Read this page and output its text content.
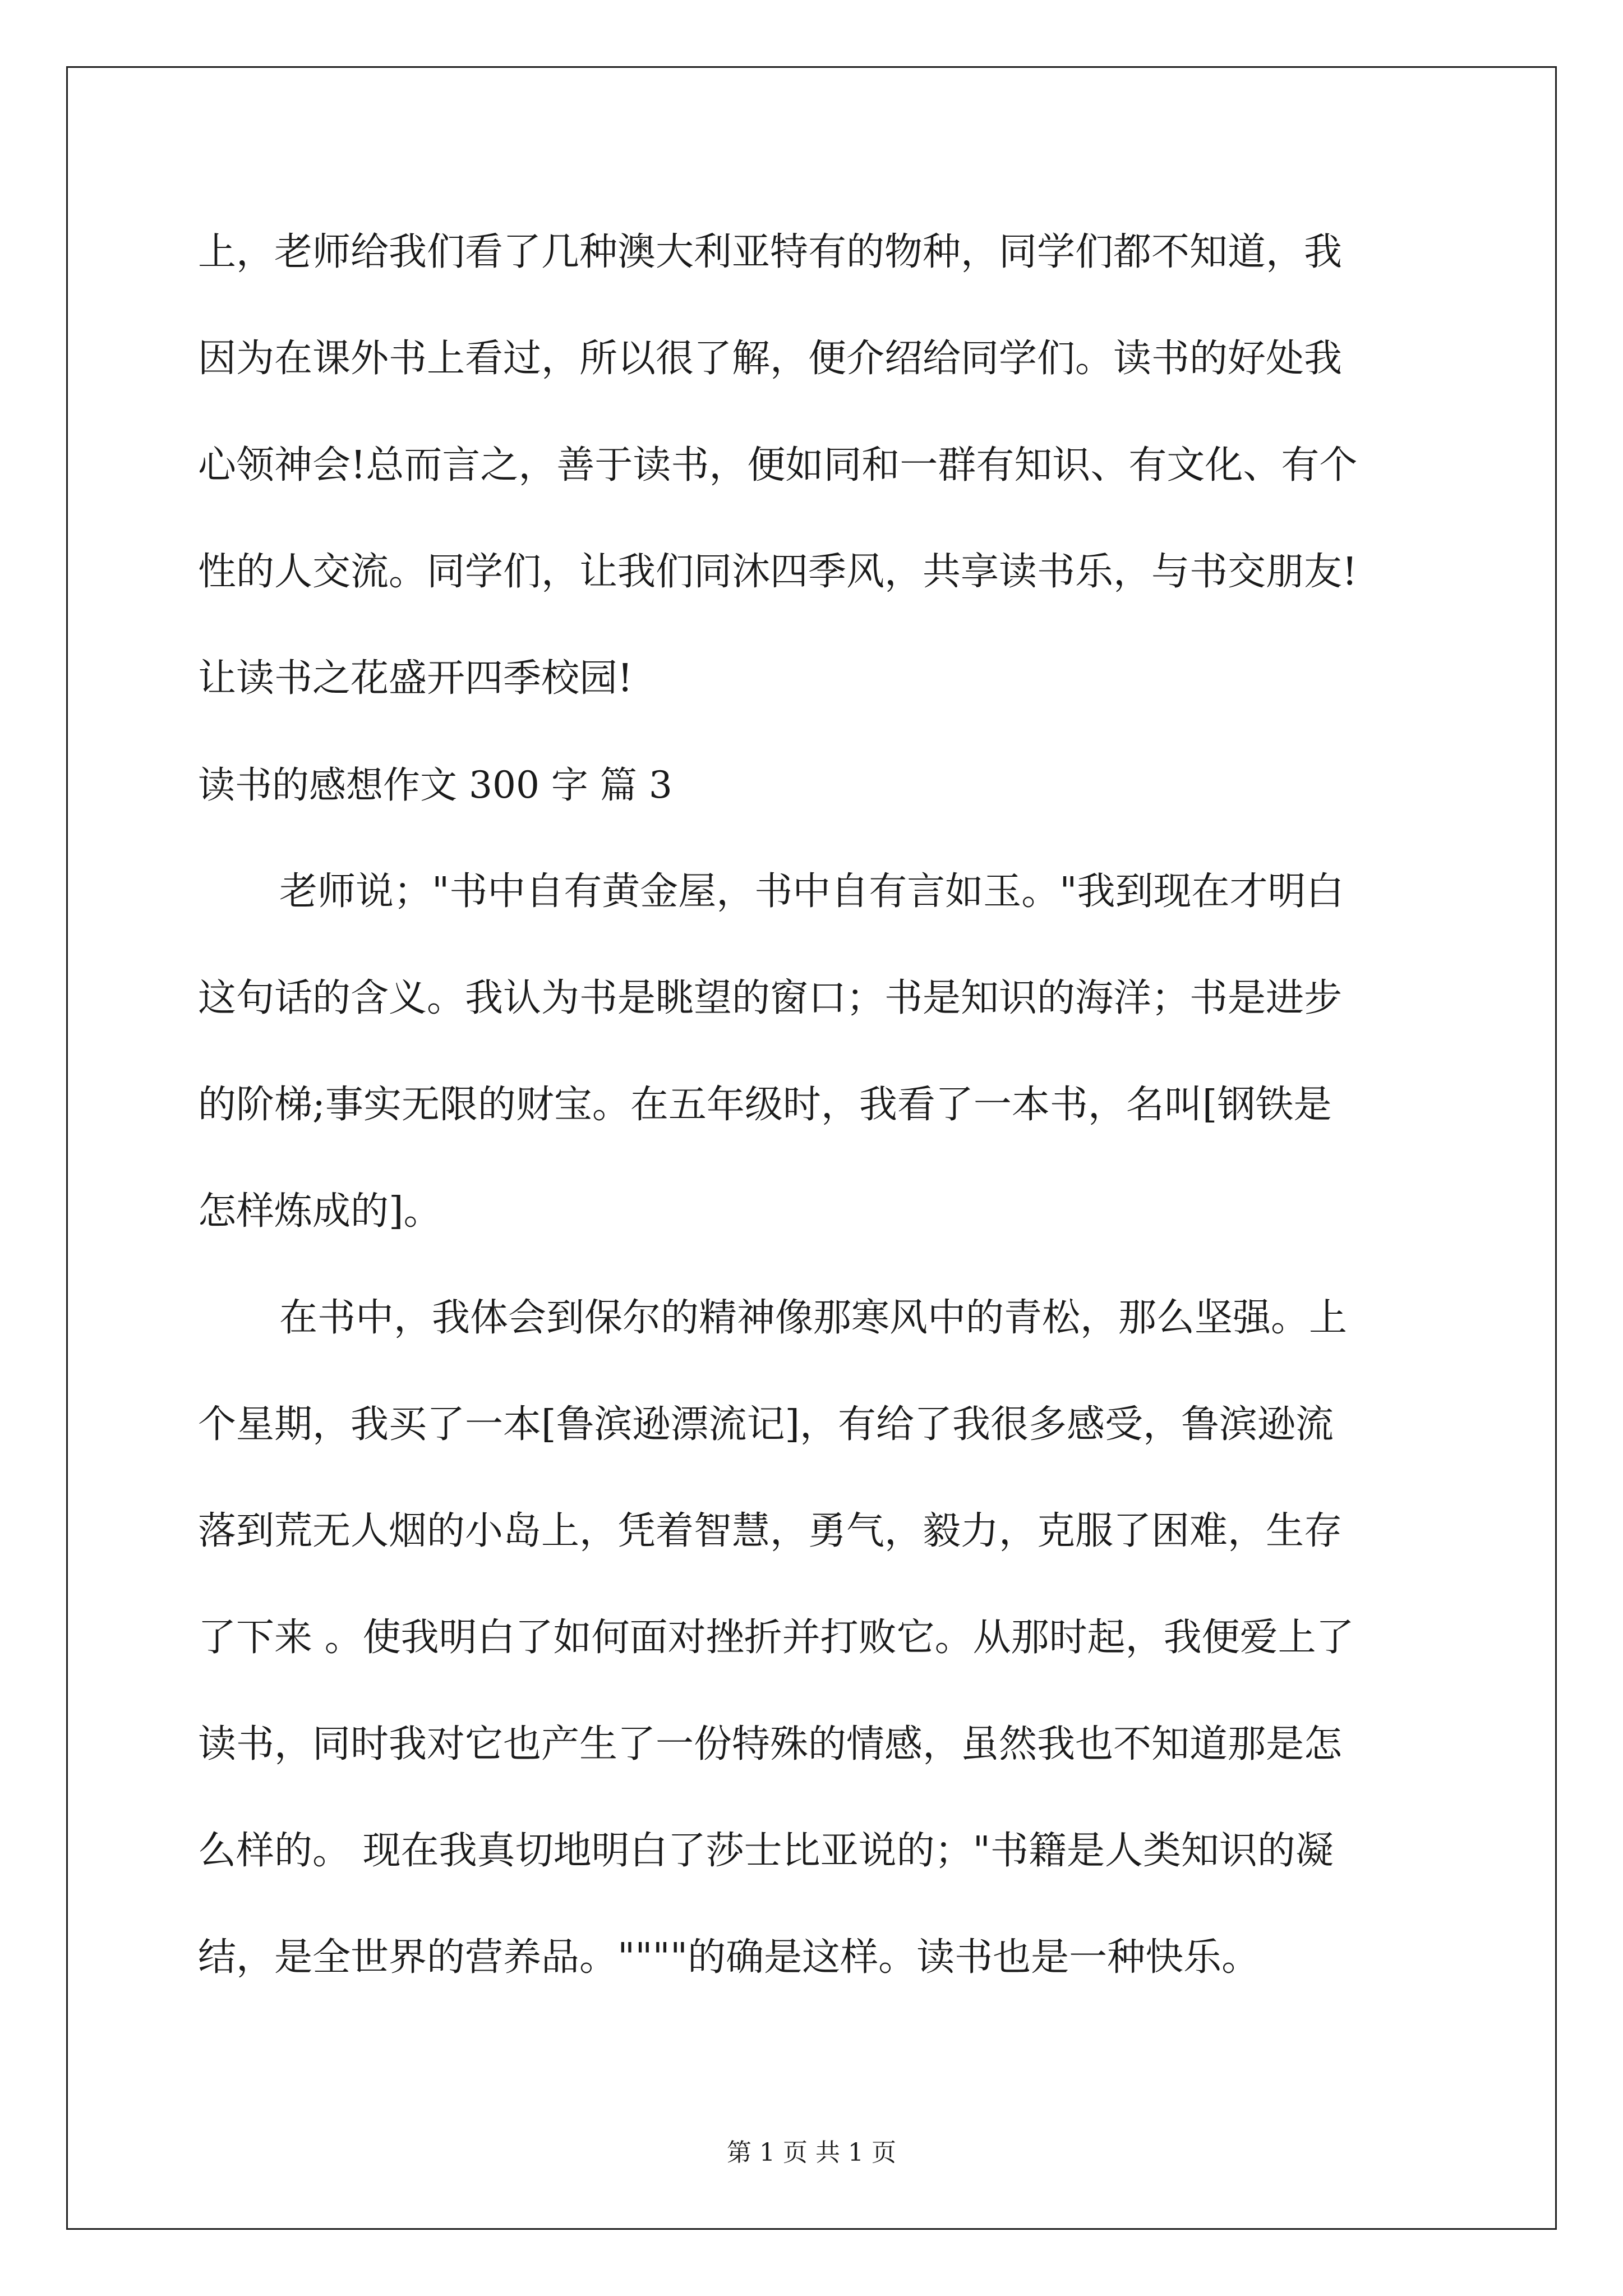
上，老师给我们看了几种澳大利亚特有的物种，同学们都不知道，我
因为在课外书上看过，所以很了解，便介绍给同学们。读书的好处我
心领神会!总而言之，善于读书，便如同和一群有知识、有文化、有个
性的人交流。同学们，让我们同沐四季风，共享读书乐，与书交朋友!
让读书之花盛开四季校园!
读书的感想作文 300 字 篇 3
老师说；"书中自有黄金屋，书中自有言如玉。"我到现在才明白
这句话的含义。我认为书是眺望的窗口；书是知识的海洋；书是进步
的阶梯;事实无限的财宝。在五年级时，我看了一本书，名叫[钢铁是
怎样炼成的]。
在书中，我体会到保尔的精神像那寒风中的青松，那么坚强。上
个星期，我买了一本[鲁滨逊漂流记]，有给了我很多感受，鲁滨逊流
落到荒无人烟的小岛上，凭着智慧，勇气，毅力，克服了困难，生存
了下来 。使我明白了如何面对挫折并打败它。从那时起，我便爱上了
读书，同时我对它也产生了一份特殊的情感，虽然我也不知道那是怎
么样的。 现在我真切地明白了莎士比亚说的；"书籍是人类知识的凝
结，是全世界的营养品。""""的确是这样。读书也是一种快乐。
第 1 页 共 1 页
